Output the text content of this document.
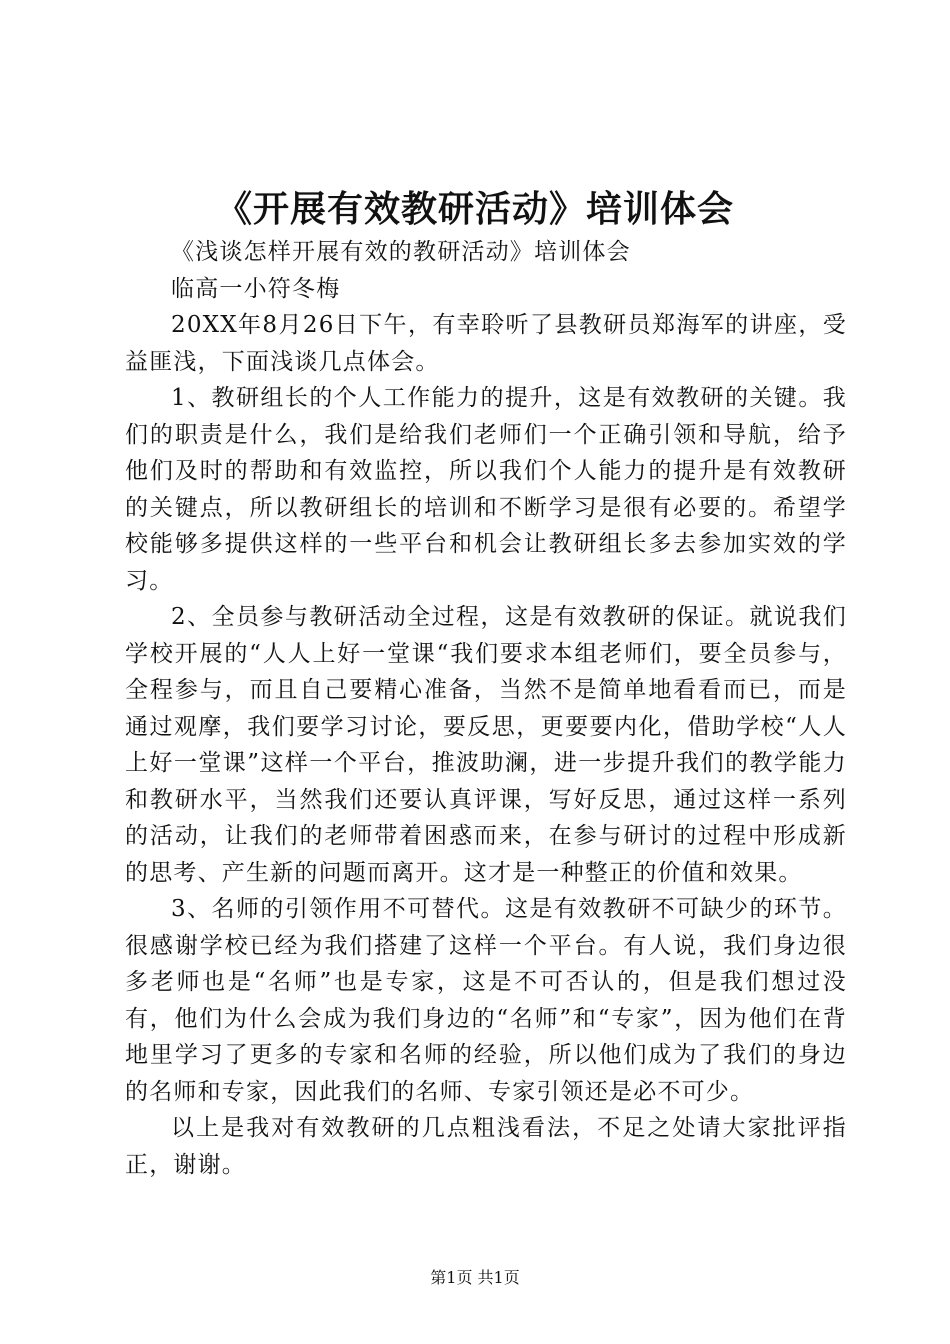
《开展有效教研活动》培训体会

《浅谈怎样开展有效的教研活动》培训体会

临高一小符冬梅

20XX年8月26日下午，有幸聆听了县教研员郑海军的讲座，受益匪浅，下面浅谈几点体会。

1、教研组长的个人工作能力的提升，这是有效教研的关键。我们的职责是什么，我们是给我们老师们一个正确引领和导航，给予他们及时的帮助和有效监控，所以我们个人能力的提升是有效教研的关键点，所以教研组长的培训和不断学习是很有必要的。希望学校能够多提供这样的一些平台和机会让教研组长多去参加实效的学习。

2、全员参与教研活动全过程，这是有效教研的保证。就说我们学校开展的“人人上好一堂课“我们要求本组老师们，要全员参与，全程参与，而且自己要精心准备，当然不是简单地看看而已，而是通过观摩，我们要学习讨论，要反思，更要要内化，借助学校“人人上好一堂课”这样一个平台，推波助澜，进一步提升我们的教学能力和教研水平，当然我们还要认真评课，写好反思，通过这样一系列的活动，让我们的老师带着困惑而来，在参与研讨的过程中形成新的思考、产生新的问题而离开。这才是一种整正的价值和效果。

3、名师的引领作用不可替代。这是有效教研不可缺少的环节。很感谢学校已经为我们搭建了这样一个平台。有人说，我们身边很多老师也是“名师”也是专家，这是不可否认的，但是我们想过没有，他们为什么会成为我们身边的“名师”和“专家”，因为他们在背地里学习了更多的专家和名师的经验，所以他们成为了我们的身边的名师和专家，因此我们的名师、专家引领还是必不可少。

以上是我对有效教研的几点粗浅看法，不足之处请大家批评指正，谢谢。

第1页 共1页
